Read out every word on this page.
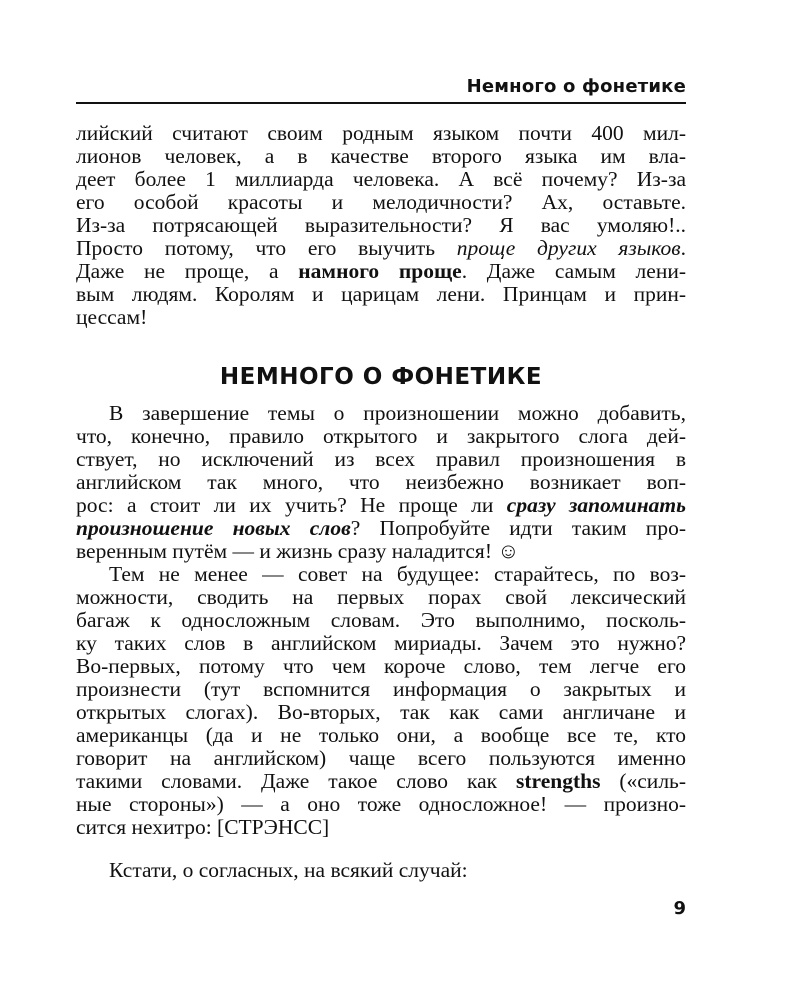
Немного о фонетике
лийский считают своим родным языком почти 400 мил-
лионов человек, а в качестве второго языка им вла-
деет более 1 миллиарда человека. А всё почему? Из-за
его особой красоты и мелодичности? Ах, оставьте.
Из-за потрясающей выразительности? Я вас умоляю!..
Просто потому, что его выучить проще других языков.
Даже не проще, а намного проще. Даже самым лени-
вым людям. Королям и царицам лени. Принцам и прин-
цессам!
НЕМНОГО О ФОНЕТИКЕ
В завершение темы о произношении можно добавить,
что, конечно, правило открытого и закрытого слога дей-
ствует, но исключений из всех правил произношения в
английском так много, что неизбежно возникает воп-
рос: а стоит ли их учить? Не проще ли сразу запоминать
произношение новых слов? Попробуйте идти таким про-
веренным путём — и жизнь сразу наладится! ☺
Тем не менее — совет на будущее: старайтесь, по воз-
можности, сводить на первых порах свой лексический
багаж к односложным словам. Это выполнимо, посколь-
ку таких слов в английском мириады. Зачем это нужно?
Во-первых, потому что чем короче слово, тем легче его
произнести (тут вспомнится информация о закрытых и
открытых слогах). Во-вторых, так как сами англичане и
американцы (да и не только они, а вообще все те, кто
говорит на английском) чаще всего пользуются именно
такими словами. Даже такое слово как strengths («силь-
ные стороны») — а оно тоже односложное! — произно-
сится нехитро: [СТРЭНСС]
Кстати, о согласных, на всякий случай:
9
